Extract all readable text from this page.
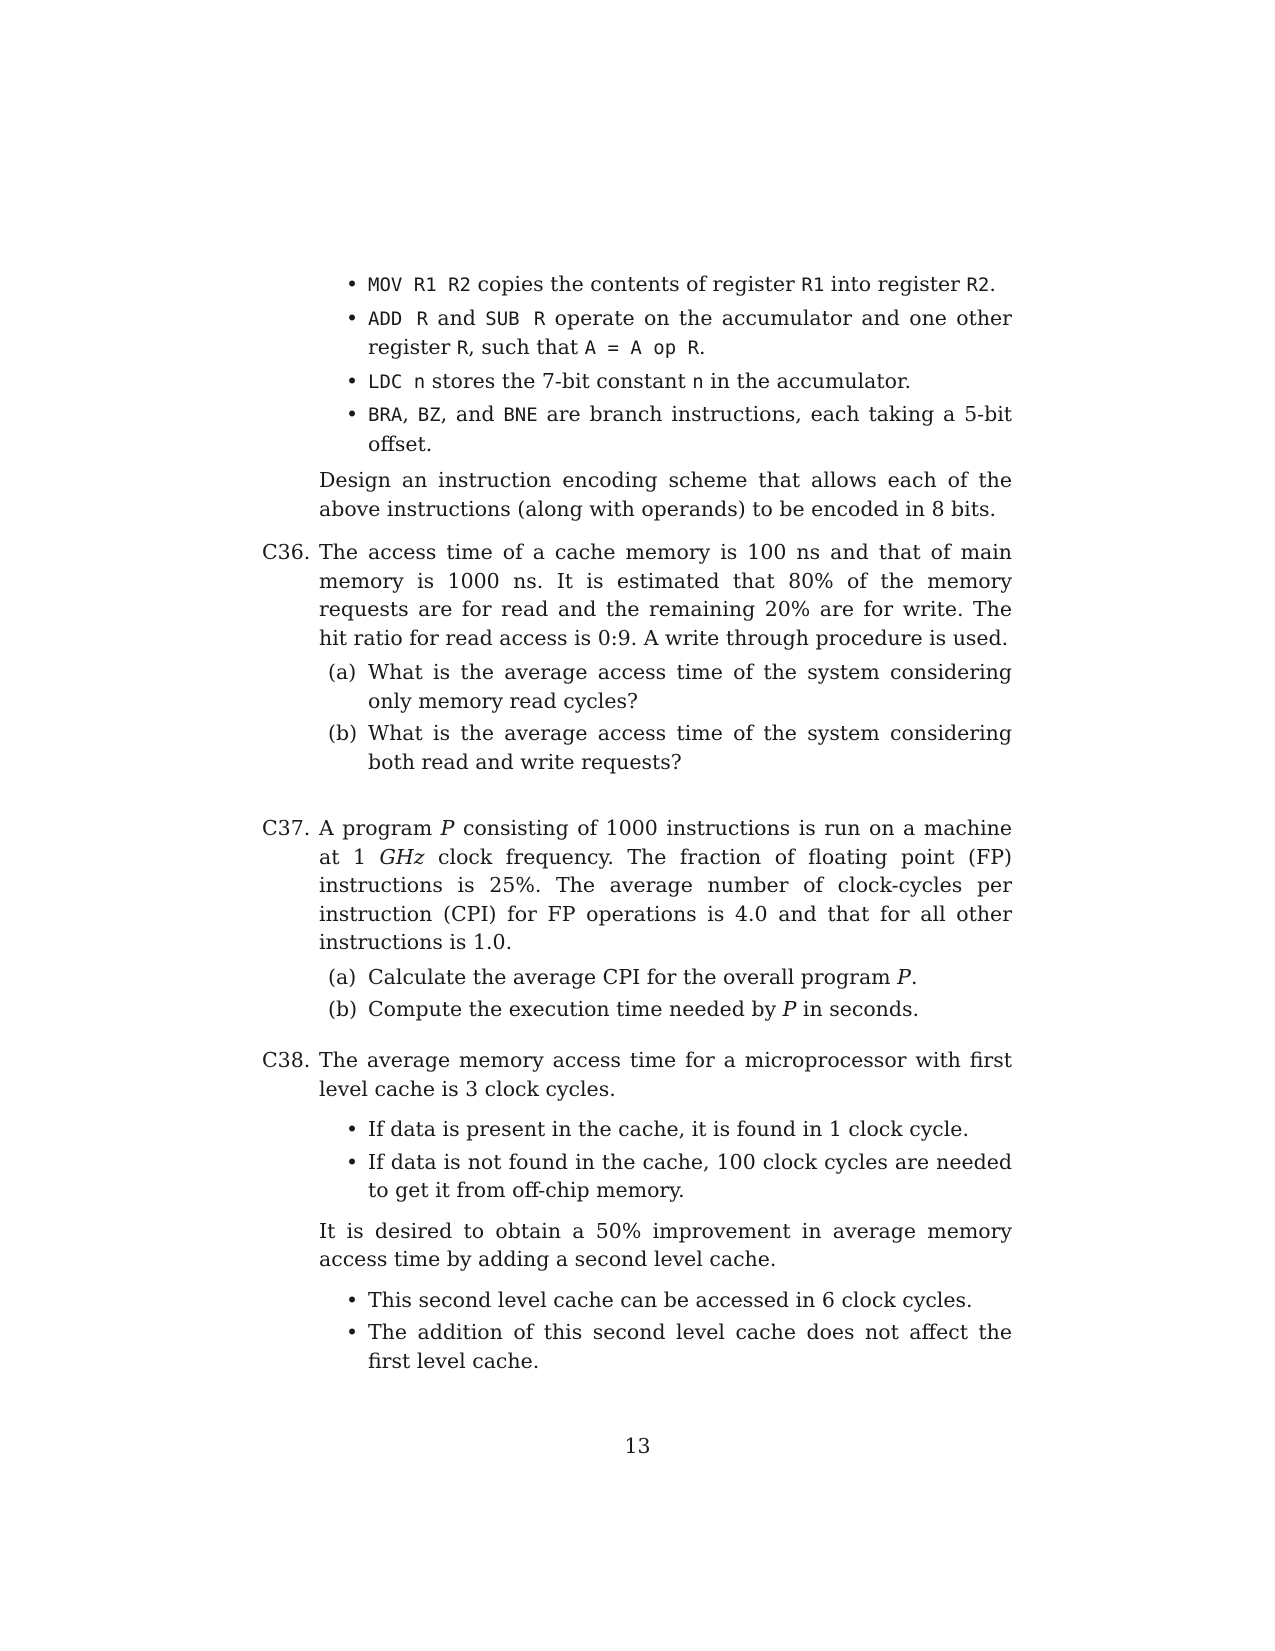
• MOV R1 R2 copies the contents of register R1 into register R2.
• ADD R and SUB R operate on the accumulator and one other register R, such that A = A op R.
• LDC n stores the 7-bit constant n in the accumulator.
• BRA, BZ, and BNE are branch instructions, each taking a 5-bit offset.

Design an instruction encoding scheme that allows each of the above instructions (along with operands) to be encoded in 8 bits.

C36. The access time of a cache memory is 100 ns and that of main memory is 1000 ns. It is estimated that 80% of the memory requests are for read and the remaining 20% are for write. The hit ratio for read access is 0:9. A write through procedure is used.
(a) What is the average access time of the system considering only memory read cycles?
(b) What is the average access time of the system considering both read and write requests?
C37. A program P consisting of 1000 instructions is run on a machine at 1 GHz clock frequency. The fraction of floating point (FP) instructions is 25%. The average number of clock-cycles per instruction (CPI) for FP operations is 4.0 and that for all other instructions is 1.0.
(a) Calculate the average CPI for the overall program P.
(b) Compute the execution time needed by P in seconds.
C38. The average memory access time for a microprocessor with first level cache is 3 clock cycles.
• If data is present in the cache, it is found in 1 clock cycle.
• If data is not found in the cache, 100 clock cycles are needed to get it from off-chip memory.

It is desired to obtain a 50% improvement in average memory access time by adding a second level cache.

• This second level cache can be accessed in 6 clock cycles.
• The addition of this second level cache does not affect the first level cache.
13
